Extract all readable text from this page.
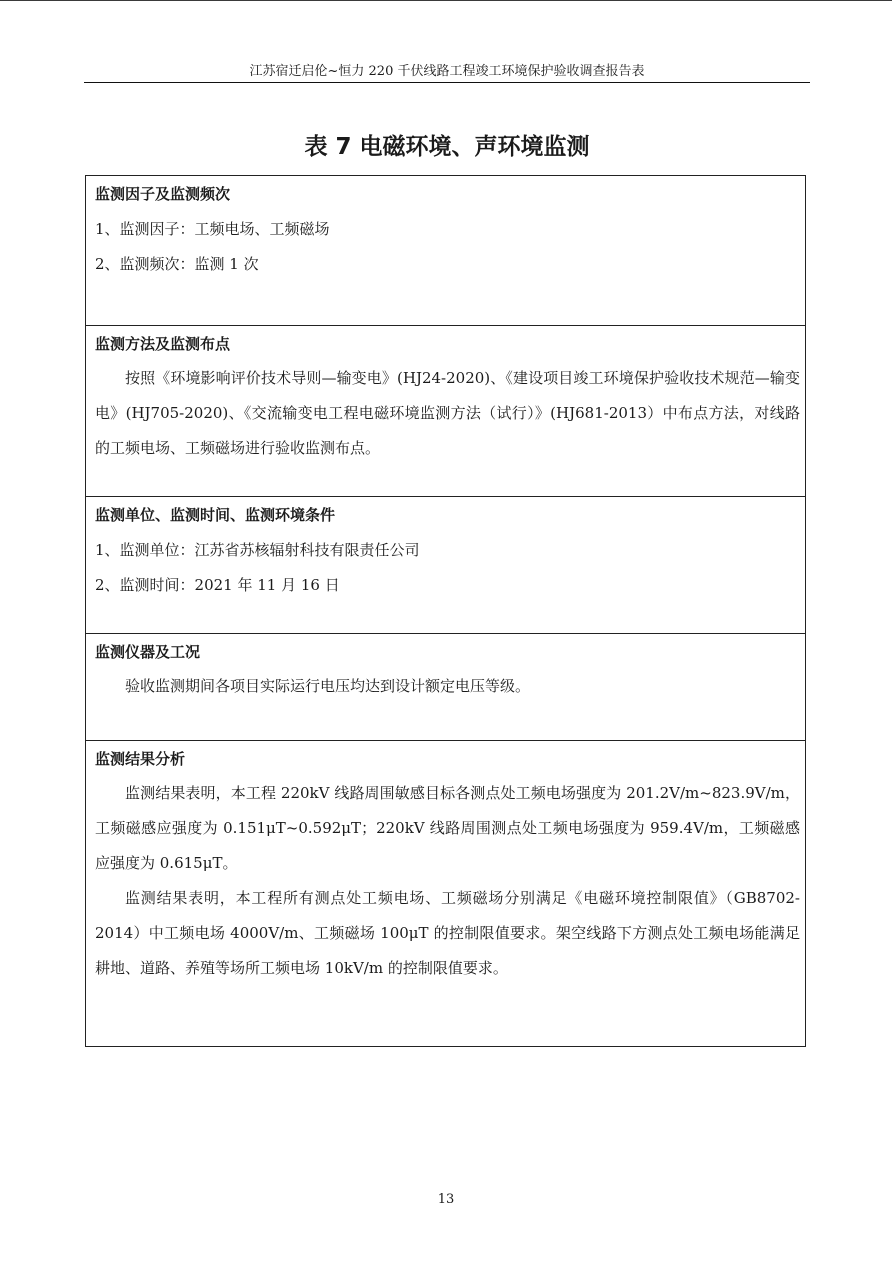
江苏宿迁启伦~恒力 220 千伏线路工程竣工环境保护验收调查报告表
表 7 电磁环境、声环境监测
监测因子及监测频次
1、监测因子：工频电场、工频磁场
2、监测频次：监测 1 次
监测方法及监测布点
按照《环境影响评价技术导则—输变电》(HJ24-2020)、《建设项目竣工环境保护验收技术规范—输变电》(HJ705-2020)、《交流输变电工程电磁环境监测方法（试行）》(HJ681-2013）中布点方法，对线路的工频电场、工频磁场进行验收监测布点。
监测单位、监测时间、监测环境条件
1、监测单位：江苏省苏核辐射科技有限责任公司
2、监测时间：2021 年 11 月 16 日
监测仪器及工况
验收监测期间各项目实际运行电压均达到设计额定电压等级。
监测结果分析
监测结果表明，本工程 220kV 线路周围敏感目标各测点处工频电场强度为 201.2V/m~823.9V/m，工频磁感应强度为 0.151μT~0.592μT；220kV 线路周围测点处工频电场强度为 959.4V/m，工频磁感应强度为 0.615μT。
监测结果表明，本工程所有测点处工频电场、工频磁场分别满足《电磁环境控制限值》（GB8702-2014）中工频电场 4000V/m、工频磁场 100μT 的控制限值要求。架空线路下方测点处工频电场能满足耕地、道路、养殖等场所工频电场 10kV/m 的控制限值要求。
13
